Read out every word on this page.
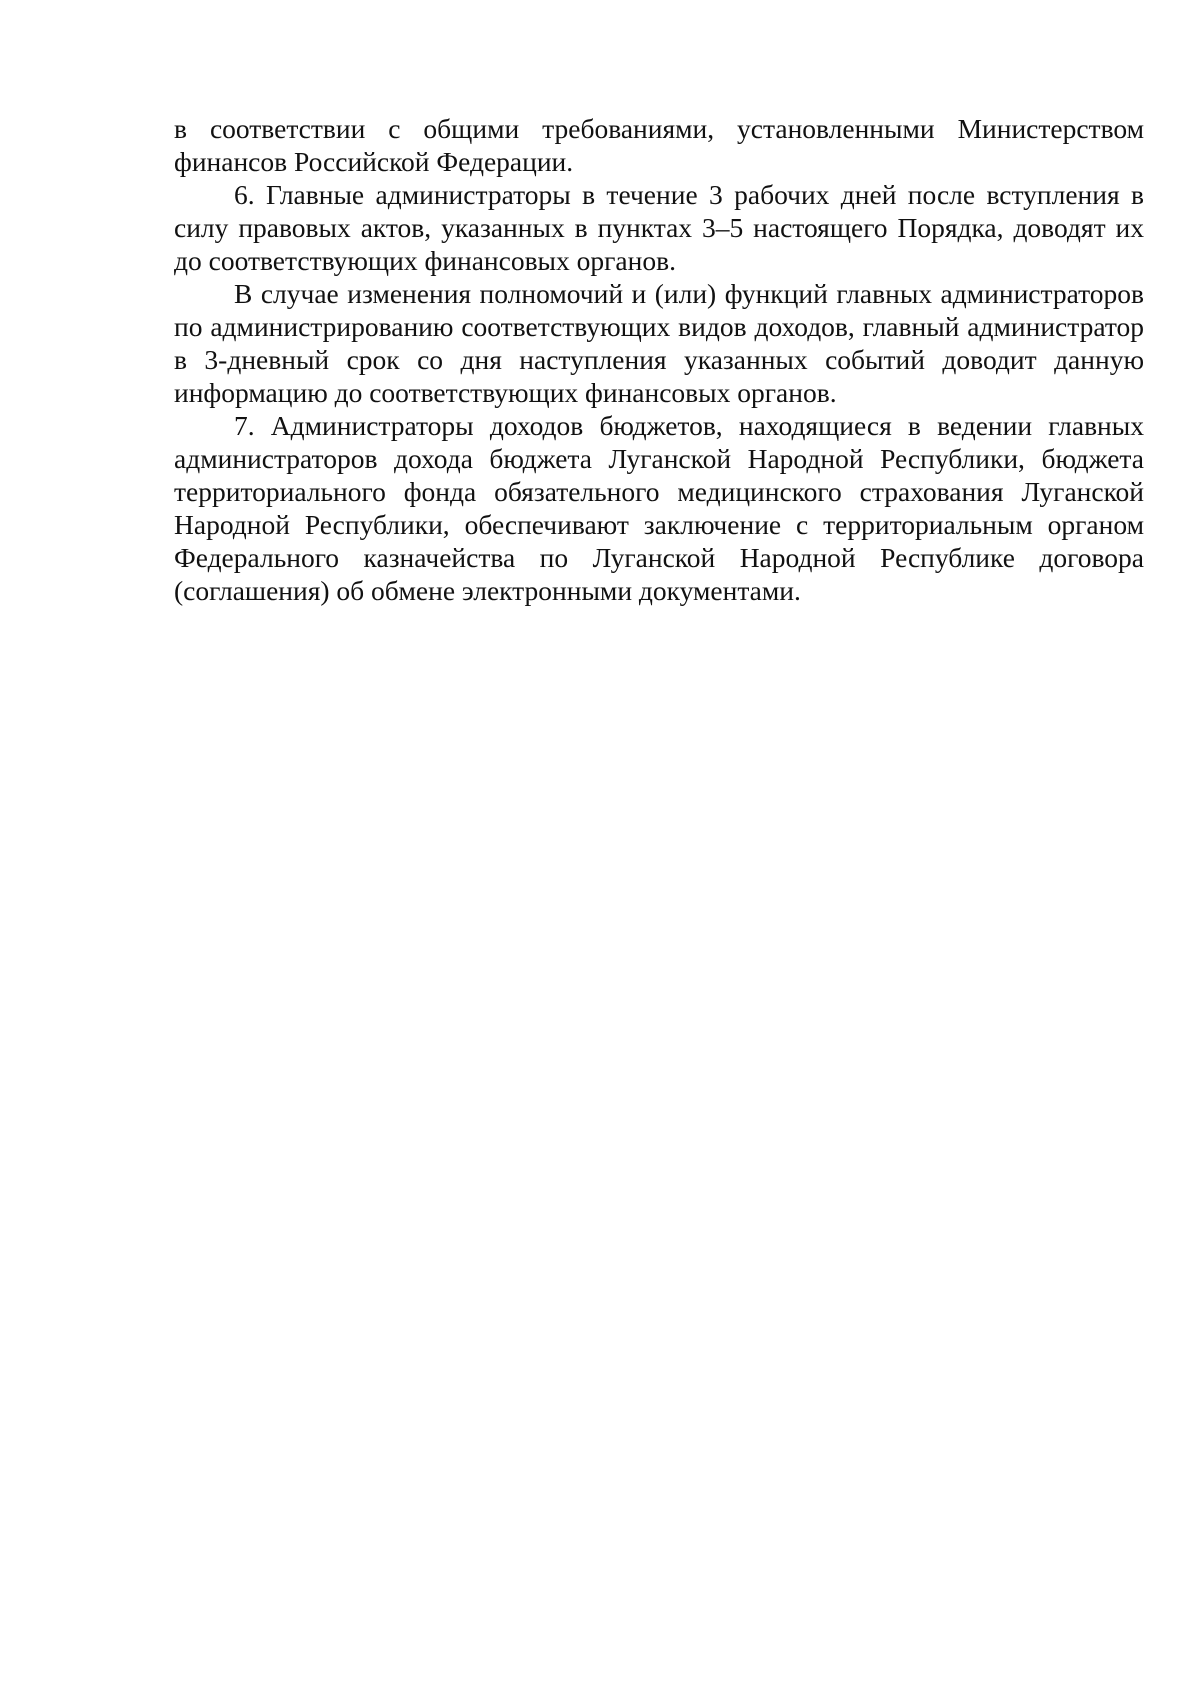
в соответствии с общими требованиями, установленными Министерством финансов Российской Федерации.

6. Главные администраторы в течение 3 рабочих дней после вступления в силу правовых актов, указанных в пунктах 3–5 настоящего Порядка, доводят их до соответствующих финансовых органов.

В случае изменения полномочий и (или) функций главных администраторов по администрированию соответствующих видов доходов, главный администратор в 3-дневный срок со дня наступления указанных событий доводит данную информацию до соответствующих финансовых органов.

7. Администраторы доходов бюджетов, находящиеся в ведении главных администраторов дохода бюджета Луганской Народной Республики, бюджета территориального фонда обязательного медицинского страхования Луганской Народной Республики, обеспечивают заключение с территориальным органом Федерального казначейства по Луганской Народной Республике договора (соглашения) об обмене электронными документами.
